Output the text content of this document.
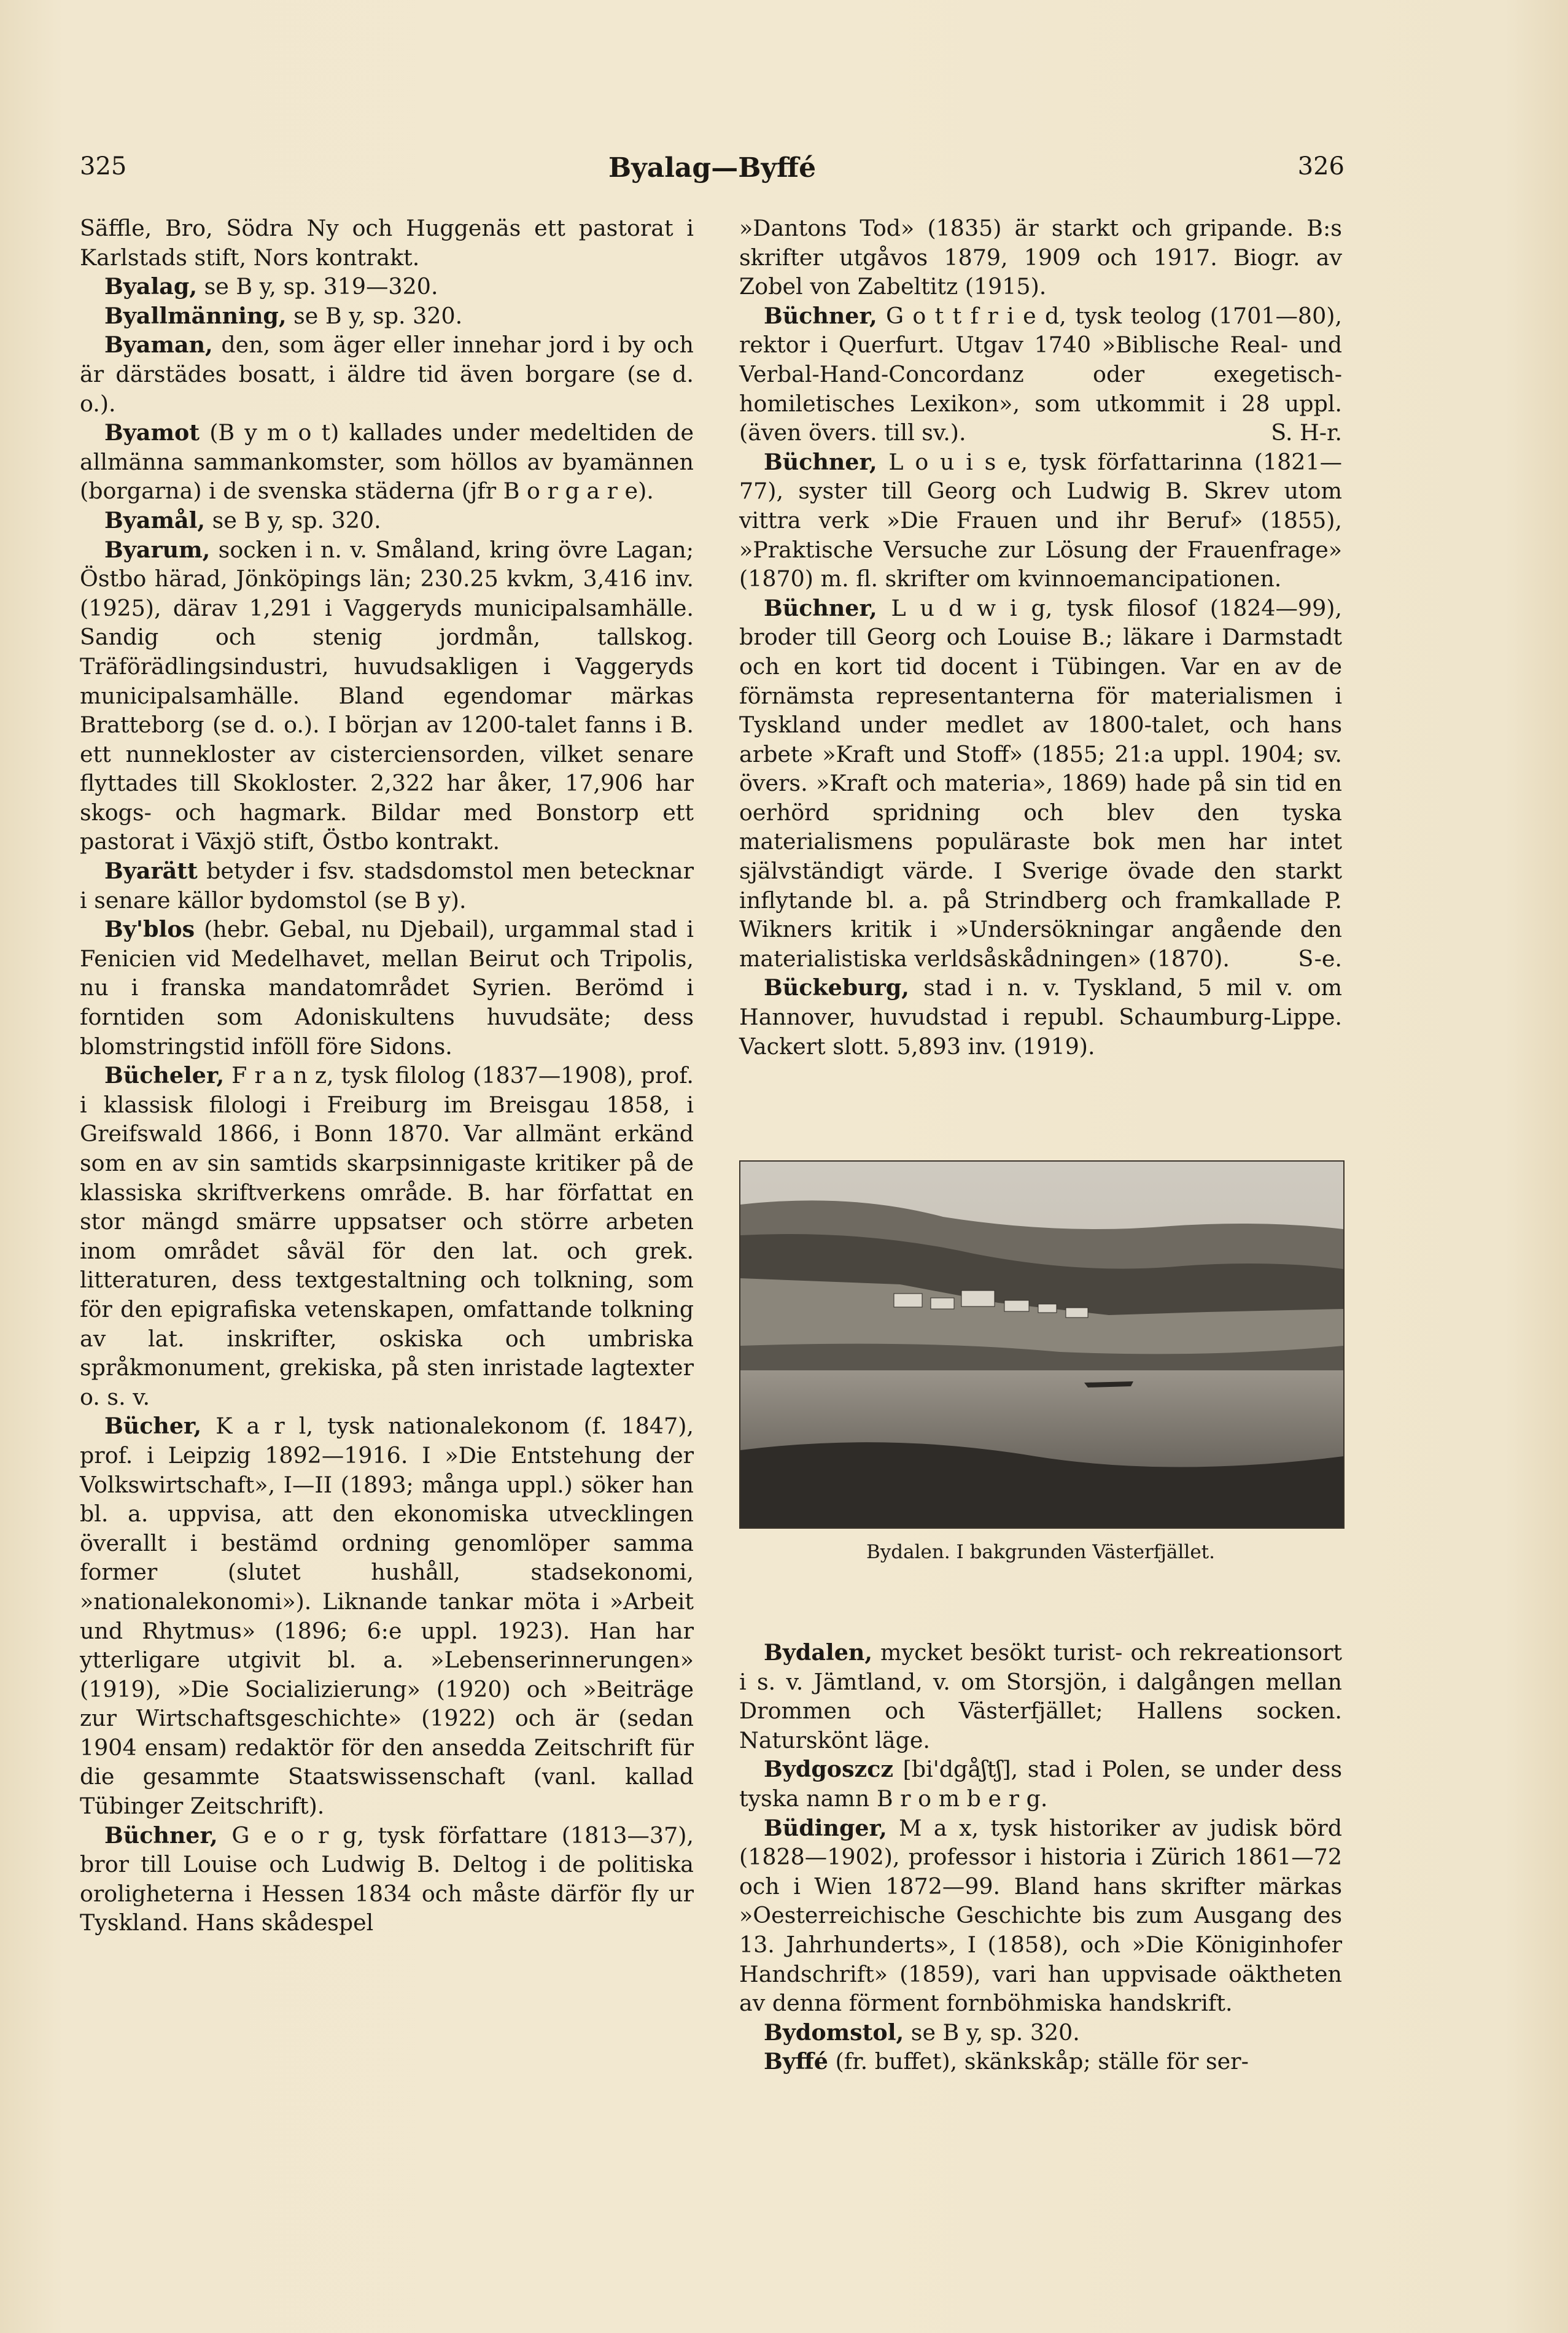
325	Byalag—Byffé	326

Säffle, Bro, Södra Ny och Huggenäs ett pastorat i Karlstads stift, Nors kontrakt.

Byalag, se B y, sp. 319—320.

Byallmänning, se B y, sp. 320.

Byaman, den, som äger eller innehar jord i by och är därstädes bosatt, i äldre tid även borgare (se d. o.).

Byamot (B y m o t) kallades under medeltiden de allmänna sammankomster, som höllos av byamännen (borgarna) i de svenska städerna (jfr B o r g a r e).

Byamål, se B y, sp. 320.

Byarum, socken i n. v. Småland, kring övre Lagan; Östbo härad, Jönköpings län; 230.25 kvkm, 3,416 inv. (1925), därav 1,291 i Vaggeryds municipalsamhälle. Sandig och stenig jordmån, tallskog. Träförädlingsindustri, huvudsakligen i Vaggeryds municipalsamhälle. Bland egendomar märkas Bratteborg (se d. o.). I början av 1200-talet fanns i B. ett nunnekloster av cisterciensorden, vilket senare flyttades till Skokloster. 2,322 har åker, 17,906 har skogs- och hagmark. Bildar med Bonstorp ett pastorat i Växjö stift, Östbo kontrakt.

Byarätt betyder i fsv. stadsdomstol men betecknar i senare källor bydomstol (se B y).

By'blos (hebr. Gebal, nu Djebail), urgammal stad i Fenicien vid Medelhavet, mellan Beirut och Tripolis, nu i franska mandatområdet Syrien. Berömd i forntiden som Adoniskultens huvudsäte; dess blomstringstid inföll före Sidons.

Bücheler, F r a n z, tysk filolog (1837—1908), prof. i klassisk filologi i Freiburg im Breisgau 1858, i Greifswald 1866, i Bonn 1870. Var allmänt erkänd som en av sin samtids skarpsinnigaste kritiker på de klassiska skriftverkens område. B. har författat en stor mängd smärre uppsatser och större arbeten inom området såväl för den lat. och grek. litteraturen, dess textgestaltning och tolkning, som för den epigrafiska vetenskapen, omfattande tolkning av lat. inskrifter, oskiska och umbriska språkmonument, grekiska, på sten inristade lagtexter o. s. v.

Bücher, K a r l, tysk nationalekonom (f. 1847), prof. i Leipzig 1892—1916. I »Die Entstehung der Volkswirtschaft», I—II (1893; många uppl.) söker han bl. a. uppvisa, att den ekonomiska utvecklingen överallt i bestämd ordning genomlöper samma former (slutet hushåll, stadsekonomi, »nationalekonomi»). Liknande tankar möta i »Arbeit und Rhytmus» (1896; 6:e uppl. 1923). Han har ytterligare utgivit bl. a. »Lebenserinnerungen» (1919), »Die Socializierung» (1920) och »Beiträge zur Wirtschaftsgeschichte» (1922) och är (sedan 1904 ensam) redaktör för den ansedda Zeitschrift für die gesammte Staatswissenschaft (vanl. kallad Tübinger Zeitschrift).

Büchner, G e o r g, tysk författare (1813—37), bror till Louise och Ludwig B. Deltog i de politiska oroligheterna i Hessen 1834 och måste därför fly ur Tyskland. Hans skådespel

»Dantons Tod» (1835) är starkt och gripande. B:s skrifter utgåvos 1879, 1909 och 1917. Biogr. av Zobel von Zabeltitz (1915).

Büchner, G o t t f r i e d, tysk teolog (1701—80), rektor i Querfurt. Utgav 1740 »Biblische Real- und Verbal-Hand-Concordanz oder exegetisch-homiletisches Lexikon», som utkommit i 28 uppl. (även övers. till sv.).	S. H-r.

Büchner, L o u i s e, tysk författarinna (1821—77), syster till Georg och Ludwig B. Skrev utom vittra verk »Die Frauen und ihr Beruf» (1855), »Praktische Versuche zur Lösung der Frauenfrage» (1870) m. fl. skrifter om kvinnoemancipationen.

Büchner, L u d w i g, tysk filosof (1824—99), broder till Georg och Louise B.; läkare i Darmstadt och en kort tid docent i Tübingen. Var en av de förnämsta representanterna för materialismen i Tyskland under medlet av 1800-talet, och hans arbete »Kraft und Stoff» (1855; 21:a uppl. 1904; sv. övers. »Kraft och materia», 1869) hade på sin tid en oerhörd spridning och blev den tyska materialismens populäraste bok men har intet självständigt värde. I Sverige övade den starkt inflytande bl. a. på Strindberg och framkallade P. Wikners kritik i »Undersökningar angående den materialistiska verldsåskådningen» (1870).	S-e.

Bückeburg, stad i n. v. Tyskland, 5 mil v. om Hannover, huvudstad i republ. Schaumburg-Lippe. Vackert slott. 5,893 inv. (1919).

Bydalen. I bakgrunden Västerfjället.

Bydalen, mycket besökt turist- och rekreationsort i s. v. Jämtland, v. om Storsjön, i dalgången mellan Drommen och Västerfjället; Hallens socken. Naturskönt läge.

Bydgoszcz [bi'dgåʃtʃ], stad i Polen, se under dess tyska namn B r o m b e r g.

Büdinger, M a x, tysk historiker av judisk börd (1828—1902), professor i historia i Zürich 1861—72 och i Wien 1872—99. Bland hans skrifter märkas »Oesterreichische Geschichte bis zum Ausgang des 13. Jahrhunderts», I (1858), och »Die Königinhofer Handschrift» (1859), vari han uppvisade oäktheten av denna förment fornböhmiska handskrift.

Bydomstol, se B y, sp. 320.

Byffé (fr. buffet), skänkskåp; ställe för ser-
